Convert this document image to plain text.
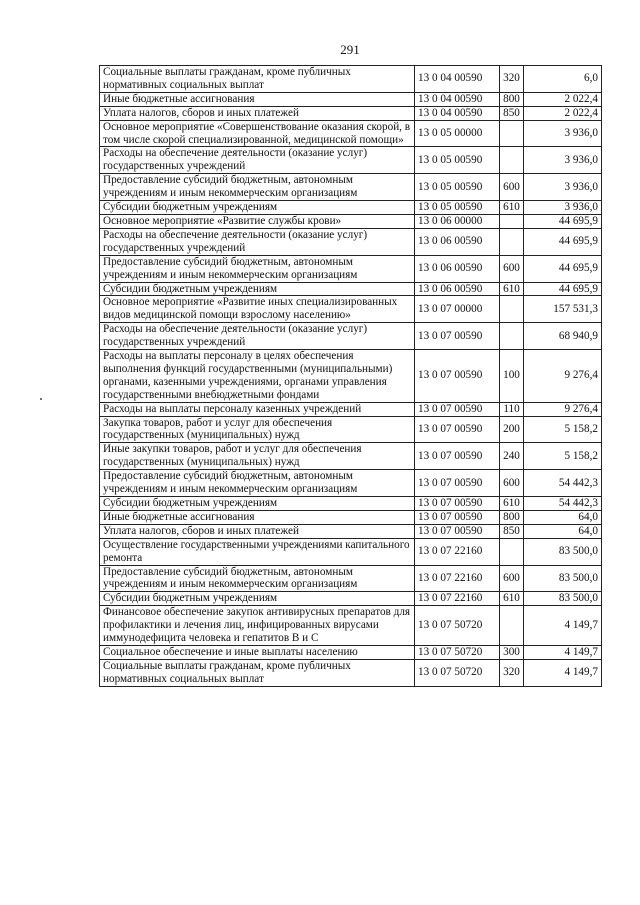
291
Социальные выплаты гражданам, кроме публичных нормативных социальных выплат	13 0 04 00590	320	6,0
Иные бюджетные ассигнования	13 0 04 00590	800	2 022,4
Уплата налогов, сборов и иных платежей	13 0 04 00590	850	2 022,4
Основное мероприятие «Совершенствование оказания скорой, в том числе скорой специализированной, медицинской помощи»	13 0 05 00000		3 936,0
Расходы на обеспечение деятельности (оказание услуг) государственных учреждений	13 0 05 00590		3 936,0
Предоставление субсидий бюджетным, автономным учреждениям и иным некоммерческим организациям	13 0 05 00590	600	3 936,0
Субсидии бюджетным учреждениям	13 0 05 00590	610	3 936,0
Основное мероприятие «Развитие службы крови»	13 0 06 00000		44 695,9
Расходы на обеспечение деятельности (оказание услуг) государственных учреждений	13 0 06 00590		44 695,9
Предоставление субсидий бюджетным, автономным учреждениям и иным некоммерческим организациям	13 0 06 00590	600	44 695,9
Субсидии бюджетным учреждениям	13 0 06 00590	610	44 695,9
Основное мероприятие «Развитие иных специализированных видов медицинской помощи взрослому населению»	13 0 07 00000		157 531,3
Расходы на обеспечение деятельности (оказание услуг) государственных учреждений	13 0 07 00590		68 940,9
Расходы на выплаты персоналу в целях обеспечения выполнения функций государственными (муниципальными) органами, казенными учреждениями, органами управления государственными внебюджетными фондами	13 0 07 00590	100	9 276,4
Расходы на выплаты персоналу казенных учреждений	13 0 07 00590	110	9 276,4
Закупка товаров, работ и услуг для обеспечения государственных (муниципальных) нужд	13 0 07 00590	200	5 158,2
Иные закупки товаров, работ и услуг для обеспечения государственных (муниципальных) нужд	13 0 07 00590	240	5 158,2
Предоставление субсидий бюджетным, автономным учреждениям и иным некоммерческим организациям	13 0 07 00590	600	54 442,3
Субсидии бюджетным учреждениям	13 0 07 00590	610	54 442,3
Иные бюджетные ассигнования	13 0 07 00590	800	64,0
Уплата налогов, сборов и иных платежей	13 0 07 00590	850	64,0
Осуществление государственными учреждениями капитального ремонта	13 0 07 22160		83 500,0
Предоставление субсидий бюджетным, автономным учреждениям и иным некоммерческим организациям	13 0 07 22160	600	83 500,0
Субсидии бюджетным учреждениям	13 0 07 22160	610	83 500,0
Финансовое обеспечение закупок антивирусных препаратов для профилактики и лечения лиц, инфицированных вирусами иммунодефицита человека и гепатитов В и С	13 0 07 50720		4 149,7
Социальное обеспечение и иные выплаты населению	13 0 07 50720	300	4 149,7
Социальные выплаты гражданам, кроме публичных нормативных социальных выплат	13 0 07 50720	320	4 149,7
